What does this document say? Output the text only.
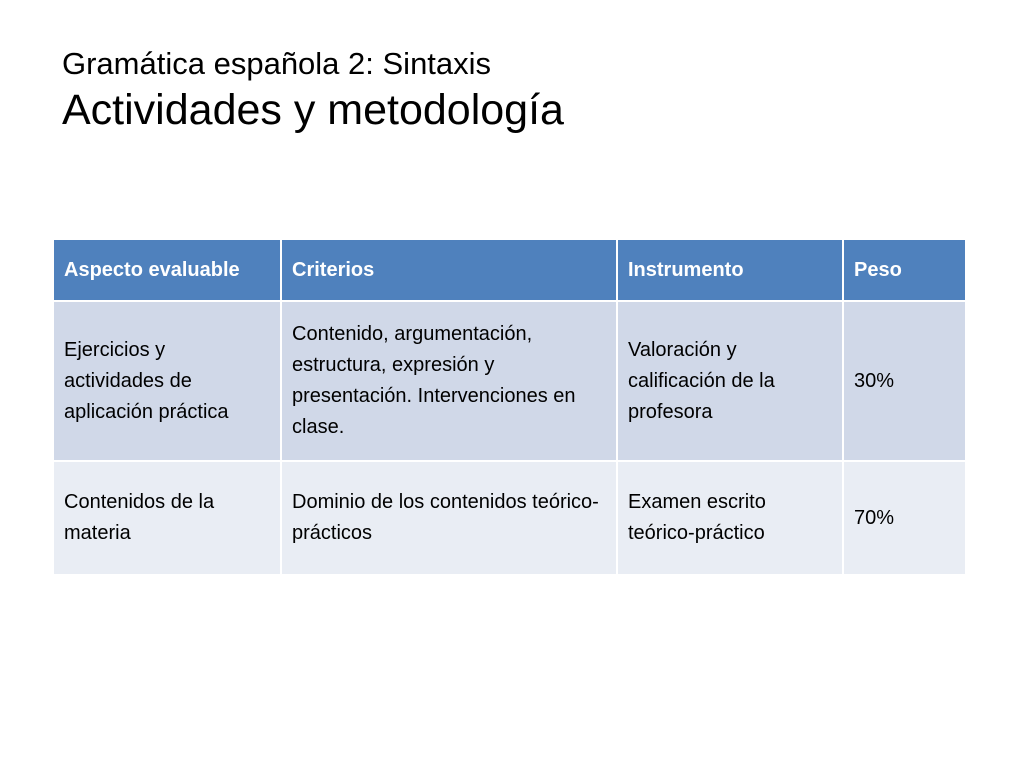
Gramática española 2: Sintaxis
Actividades y metodología
Aspecto evaluable	Criterios	Instrumento	Peso
Ejercicios y actividades de aplicación práctica	Contenido, argumentación, estructura, expresión y presentación. Intervenciones en clase.	Valoración y calificación de la profesora	30%
Contenidos de la materia	Dominio de los contenidos teórico-prácticos	Examen escrito teórico-práctico	70%
